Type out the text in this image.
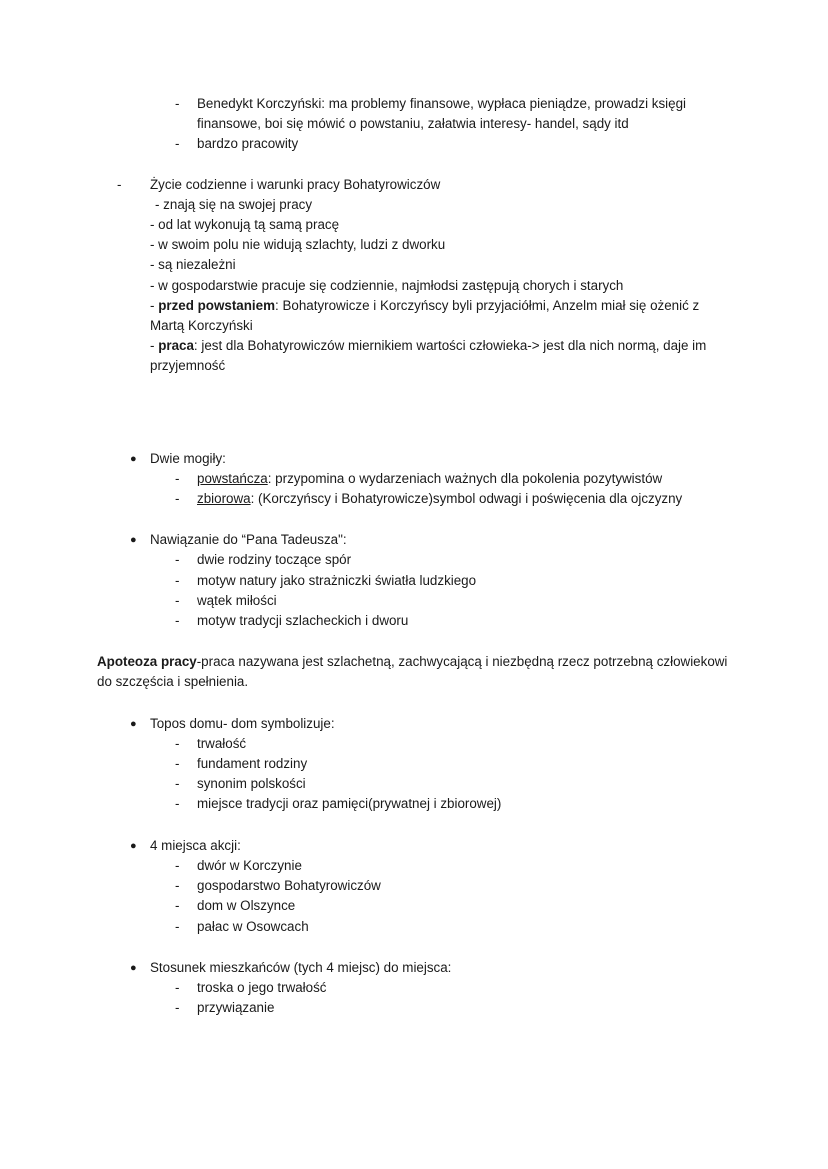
-	Benedykt Korczyński: ma problemy finansowe, wypłaca pieniądze, prowadzi księgi finansowe, boi się mówić o powstaniu, załatwia interesy- handel, sądy itd
-	bardzo pracowity
-	Życie codzienne i warunki pracy Bohatyrowiczów
- znają się na swojej pracy
- od lat wykonują tą samą pracę
- w swoim polu nie widują szlachty, ludzi z dworku
- są niezależni
- w gospodarstwie pracuje się codziennie, najmłodsi zastępują chorych i starych
- przed powstaniem: Bohatyrowicze i Korczyńscy byli przyjaciółmi, Anzelm miał się ożenić z Martą Korczyński
- praca: jest dla Bohatyrowiczów miernikiem wartości człowieka-> jest dla nich normą, daje im przyjemność
● Dwie mogiły:
-	powstańcza: przypomina o wydarzeniach ważnych dla pokolenia pozytywistów
-	zbiorowa: (Korczyńscy i Bohatyrowicze)symbol odwagi i poświęcenia dla ojczyzny
● Nawiązanie do “Pana Tadeusza":
-	dwie rodziny toczące spór
-	motyw natury jako strażniczki światła ludzkiego
-	wątek miłości
-	motyw tradycji szlacheckich i dworu

Apoteoza pracy-praca nazywana jest szlachetną, zachwycającą i niezbędną rzecz potrzebną człowiekowi do szczęścia i spełnienia.

● Topos domu- dom symbolizuje:
-	trwałość
-	fundament rodziny
-	synonim polskości
-	miejsce tradycji oraz pamięci(prywatnej i zbiorowej)
● 4 miejsca akcji:
-	dwór w Korczynie
-	gospodarstwo Bohatyrowiczów
-	dom w Olszynce
-	pałac w Osowcach
● Stosunek mieszkańców (tych 4 miejsc) do miejsca:
-	troska o jego trwałość
-	przywiązanie
